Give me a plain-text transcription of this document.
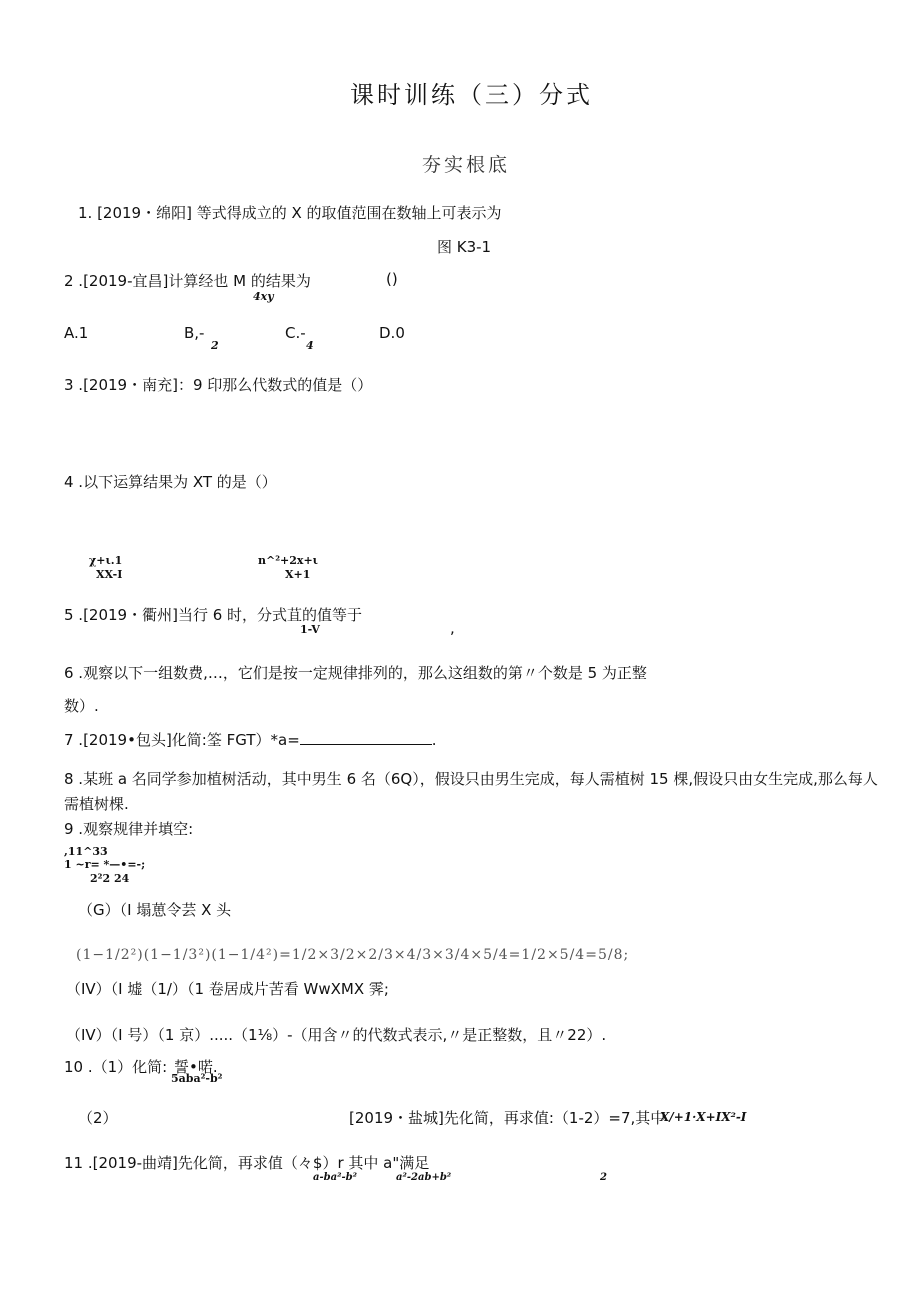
课时训练（三）分式
夯实根底
1. [2019・绵阳] 等式得成立的 X 的取值范围在数轴上可表示为
图 K3-1
2 .[2019-宜昌]计算经也 M 的结果为	()
4xy
A.1	B,-
2
C.-
4
D.0
3 .[2019・南充]：9 印那么代数式的值是（）
4 .以下运算结果为 XT 的是（）
χ+ι.1
XX-I
n^²+2x+ι
X+1
5 .[2019・衢州]当行 6 时，分式苴的值等于
1-V	,
6 .观察以下一组数费,…，它们是按一定规律排列的，那么这组数的第〃个数是 5 为正整
数）.
7 .[2019•包头]化简:筌 FGT）*a=	.
8 .某班 a 名同学参加植树活动，其中男生 6 名（6Q），假设只由男生完成，每人需植树 15 棵,假设只由女生完成,那么每人
需植树棵.
9 .观察规律并填空:
,11^33
1 ~r= *—•=-;
2²2 24
（G）（I 塌葸令芸 X 头
(1−1/2²)(1−1/3²)(1−1/4²)=1/2×3/2×2/3×4/3×3/4×5/4=1/2×5/4=5/8;
（IV）（I 墟（1/）（1 卷居成片苦看 WwXMX 霁;
（IV）（I 号）（1 京）.....（1⅛）-（用含〃的代数式表示,〃是正整数，且〃22）.
10 .（1）化简: 誓•喏.
5aba²-b²
（2）	[2019・盐城]先化简，再求值:（1-2）=7,其中
X/+1·X+ΙX²-I
11 .[2019-曲靖]先化简，再求值（々$）r 其中 a"满足
a-ba²-b²	a²-2ab+b²	2
